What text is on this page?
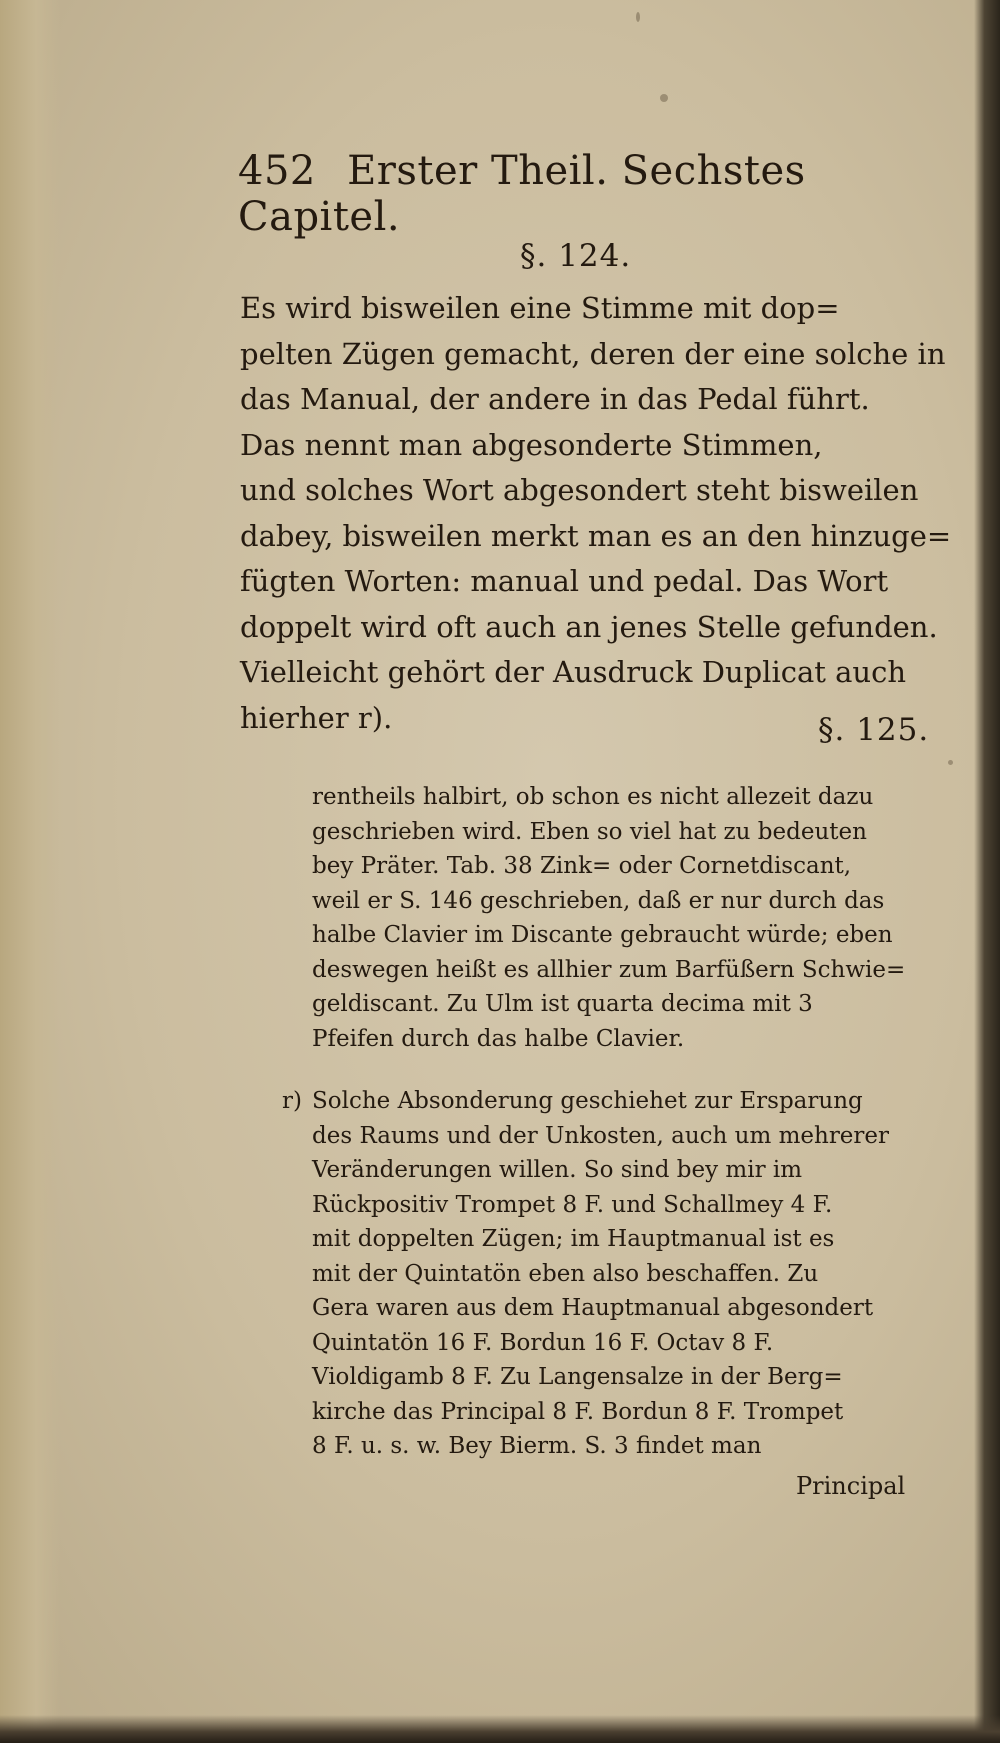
452 Erster Theil. Sechstes Capitel.
§. 124.
Es wird bisweilen eine Stimme mit dop=
pelten Zügen gemacht, deren der eine solche in
das Manual, der andere in das Pedal führt.
Das nennt man abgesonderte Stimmen,
und solches Wort abgesondert steht bisweilen
dabey, bisweilen merkt man es an den hinzuge=
fügten Worten: manual und pedal. Das Wort
doppelt wird oft auch an jenes Stelle gefunden.
Vielleicht gehört der Ausdruck Duplicat auch
hierher r).	§. 125.
rentheils halbirt, ob schon es nicht allezeit dazu
geschrieben wird. Eben so viel hat zu bedeuten
bey Präter. Tab. 38 Zink= oder Cornetdiscant,
weil er S. 146 geschrieben, daß er nur durch das
halbe Clavier im Discante gebraucht würde; eben
deswegen heißt es allhier zum Barfüßern Schwie=
geldiscant. Zu Ulm ist quarta decima mit 3
Pfeifen durch das halbe Clavier.
r) Solche Absonderung geschiehet zur Ersparung
des Raums und der Unkosten, auch um mehrerer
Veränderungen willen. So sind bey mir im
Rückpositiv Trompet 8 F. und Schallmey 4 F.
mit doppelten Zügen; im Hauptmanual ist es
mit der Quintatön eben also beschaffen. Zu
Gera waren aus dem Hauptmanual abgesondert
Quintatön 16 F. Bordun 16 F. Octav 8 F.
Violdigamb 8 F. Zu Langensalze in der Berg=
kirche das Principal 8 F. Bordun 8 F. Trompet
8 F. u. s. w. Bey Bierm. S. 3 findet man
Principal
